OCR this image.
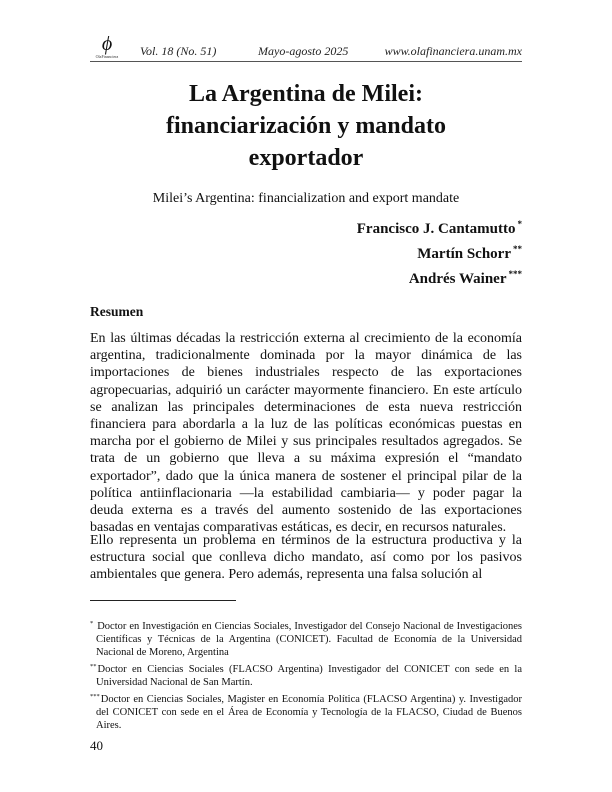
ϕ
OlaFinanciera	Vol. 18 (No. 51)	Mayo-agosto 2025	www.olafinanciera.unam.mx
La Argentina de Milei:
financiarización y mandato
exportador

Milei’s Argentina: financialization and export mandate

Francisco J. Cantamutto *
Martín Schorr **
Andrés Wainer ***
Resumen

En las últimas décadas la restricción externa al crecimiento de la economía argentina, tradicionalmente dominada por la mayor dinámica de las importaciones de bienes industriales respecto de las exportaciones agropecuarias, adquirió un carácter mayormente financiero. En este artículo se analizan las principales determinaciones de esta nueva restricción financiera para abordarla a la luz de las políticas económicas puestas en marcha por el gobierno de Milei y sus principales resultados agregados. Se trata de un gobierno que lleva a su máxima expresión el “mandato exportador”, dado que la única manera de sostener el principal pilar de la política antiinflacionaria —la estabilidad cambiaria— y poder pagar la deuda externa es a través del aumento sostenido de las exportaciones basadas en ventajas comparativas estáticas, es decir, en recursos naturales.

Ello representa un problema en términos de la estructura productiva y la estructura social que conlleva dicho mandato, así como por los pasivos ambientales que genera. Pero además, representa una falsa solución al

* Doctor en Investigación en Ciencias Sociales, Investigador del Consejo Nacional de Investigaciones Científicas y Técnicas de la Argentina (CONICET). Facultad de Economía de la Universidad Nacional de Moreno, Argentina

**Doctor en Ciencias Sociales (FLACSO Argentina) Investigador del CONICET con sede en la Universidad Nacional de San Martín.

***Doctor en Ciencias Sociales, Magister en Economía Política (FLACSO Argentina) y. Investigador del CONICET con sede en el Área de Economía y Tecnología de la FLACSO, Ciudad de Buenos Aires.

40
